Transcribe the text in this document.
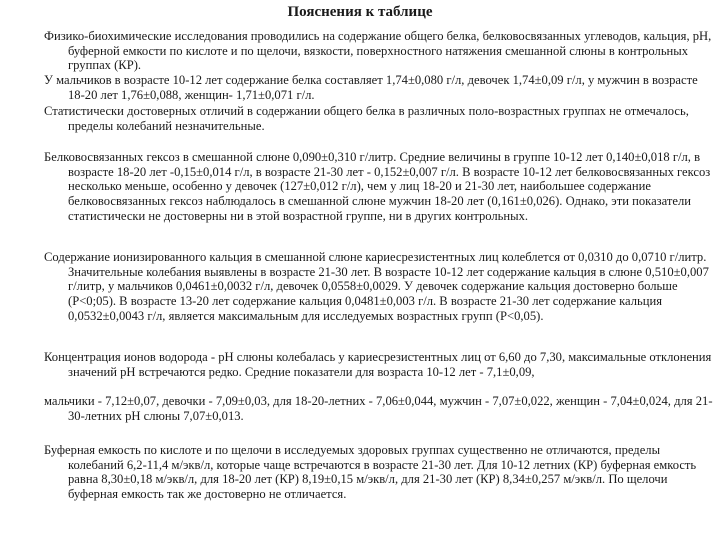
Пояснения к таблице
Физико-биохимические исследования проводились на содержание общего белка, белковосвязанных углеводов, кальция, pH, буферной емкости по кислоте и по щелочи, вязкости, поверхностного натяжения смешанной слюны в контрольных группах (КР).
У мальчиков в возрасте 10-12 лет содержание белка составляет 1,74±0,080 г/л, девочек 1,74±0,09 г/л, у мужчин в возрасте 18-20 лет 1,76±0,088, женщин- 1,71±0,071 г/л.
Статистически достоверных отличий в содержании общего белка в различных поло-возрастных группах не отмечалось, пределы колебаний незначительные.
Белковосвязанных гексоз в смешанной слюне 0,090±0,310 г/литр. Средние величины в группе 10-12 лет 0,140±0,018 г/л, в возрасте 18-20 лет -0,15±0,014 г/л, в возрасте 21-30 лет - 0,152±0,007 г/л. В возрасте 10-12 лет белковосвязанных гексоз несколько меньше, особенно у девочек (127±0,012 г/л), чем у лиц 18-20 и 21-30 лет, наибольшее содержание белковосвязанных гексоз наблюдалось в смешанной слюне мужчин 18-20 лет (0,161±0,026). Однако, эти показатели статистически не достоверны ни в этой возрастной группе, ни в других контрольных.
Содержание ионизированного кальция в смешанной слюне кариесрезистентных лиц колеблется от 0,0310 до 0,0710 г/литр. Значительные колебания выявлены в возрасте 21-30 лет. В возрасте 10-12 лет содержание кальция в слюне 0,510±0,007 г/литр, у мальчиков 0,0461±0,0032 г/л, девочек 0,0558±0,0029. У девочек содержание кальция достоверно больше (Р<0;05). В возрасте 13-20 лет содержание кальция 0,0481±0,003 г/л. В возрасте 21-30 лет содержание кальция 0,0532±0,0043 г/л, является максимальным для исследуемых возрастных групп (Р<0,05).
Концентрация ионов водорода - pH слюны колебалась у кариесрезистентных лиц от 6,60 до 7,30, максимальные отклонения значений pH встречаются редко. Средние показатели для возраста 10-12 лет - 7,1±0,09,
мальчики - 7,12±0,07, девочки - 7,09±0,03, для 18-20-летних - 7,06±0,044, мужчин - 7,07±0,022, женщин - 7,04±0,024, для 21-30-летних pH слюны 7,07±0,013.
Буферная емкость по кислоте и по щелочи в исследуемых здоровых группах существенно не отличаются, пределы колебаний 6,2-11,4 м/экв/л, которые чаще встречаются в возрасте 21-30 лет. Для 10-12 летних (КР) буферная емкость равна 8,30±0,18 м/экв/л, для 18-20 лет (КР) 8,19±0,15 м/экв/л, для 21-30 лет (КР) 8,34±0,257 м/экв/л. По щелочи буферная емкость так же достоверно не отличается.
